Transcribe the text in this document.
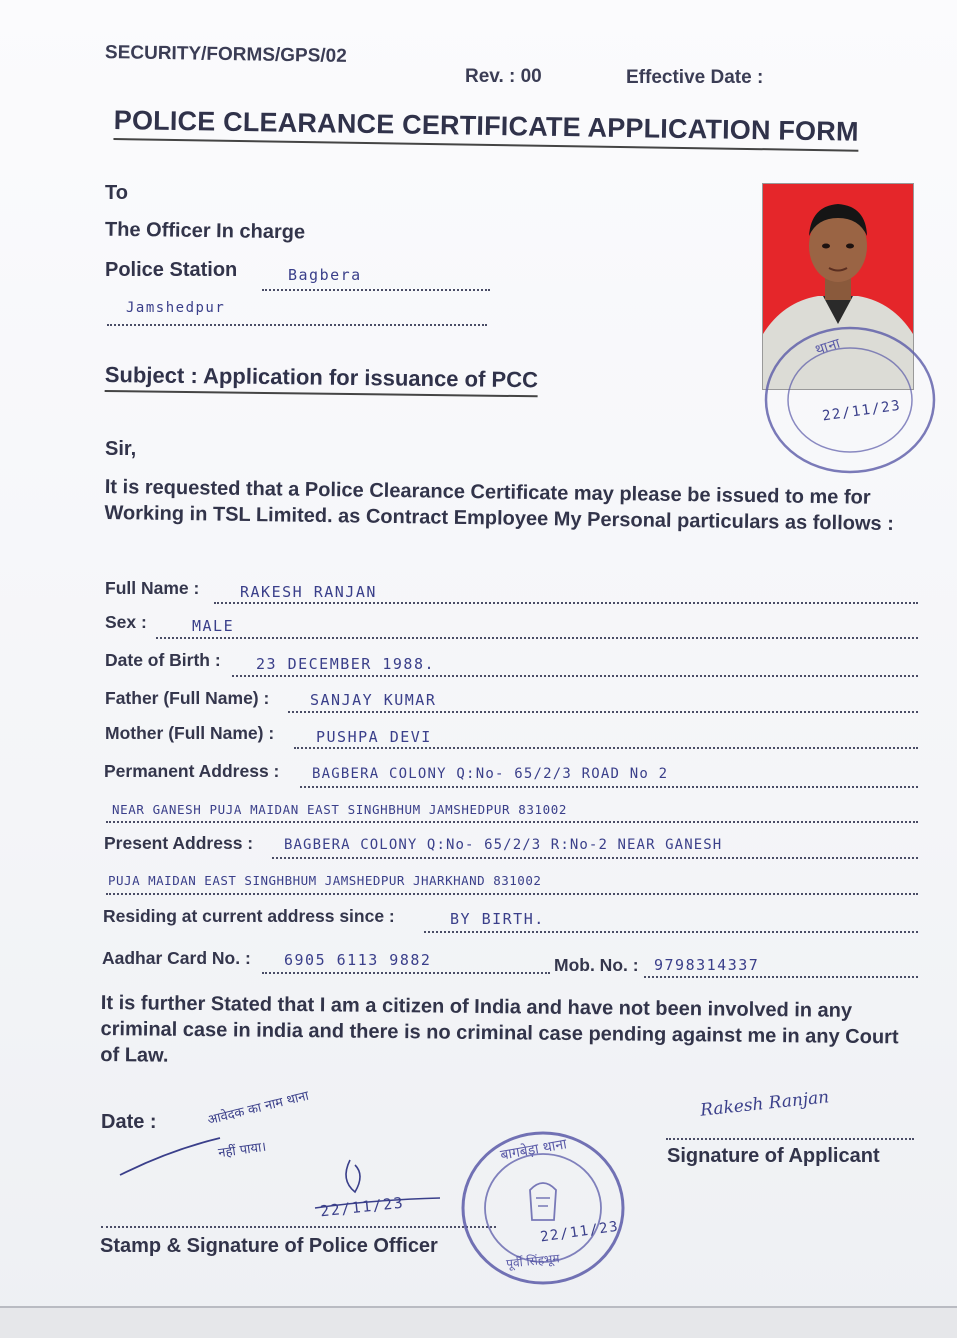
SECURITY/FORMS/GPS/02
Rev. : 00	Effective Date :
POLICE CLEARANCE CERTIFICATE APPLICATION FORM
To
The Officer In charge
Police Station	Bagbera
Jamshedpur
थाना
22/11/23
Subject : Application for issuance of PCC
Sir,
It is requested that a Police Clearance Certificate may please be issued to me for Working in TSL Limited. as Contract Employee My Personal particulars as follows :
Full Name :	RAKESH RANJAN
Sex :	MALE
Date of Birth : 23 DECEMBER 1988.
Father (Full Name) :	SANJAY KUMAR
Mother (Full Name) :	PUSHPA DEVI
Permanent Address : BAGBERA COLONY Q:No- 65/2/3 ROAD No 2
NEAR GANESH PUJA MAIDAN EAST SINGHBHUM JAMSHEDPUR 831002
Present Address : BAGBERA COLONY Q:No- 65/2/3 R:No-2 NEAR GANESH
PUJA MAIDAN EAST SINGHBHUM JAMSHEDPUR JHARKHAND 831002
Residing at current address since :	BY BIRTH.
Aadhar Card No. : 6905 6113 9882	Mob. No. : 9798314337
It is further Stated that I am a citizen of India and have not been involved in any criminal case in india and there is no criminal case pending against me in any Court of Law.
Date :	आवेदक का नाम थाना
नहीं पाया।
22/11/23
Stamp & Signature of Police Officer
बागबेड़ा थाना
22/11/23
पूर्वी सिंहभूम
Rakesh Ranjan
Signature of Applicant
